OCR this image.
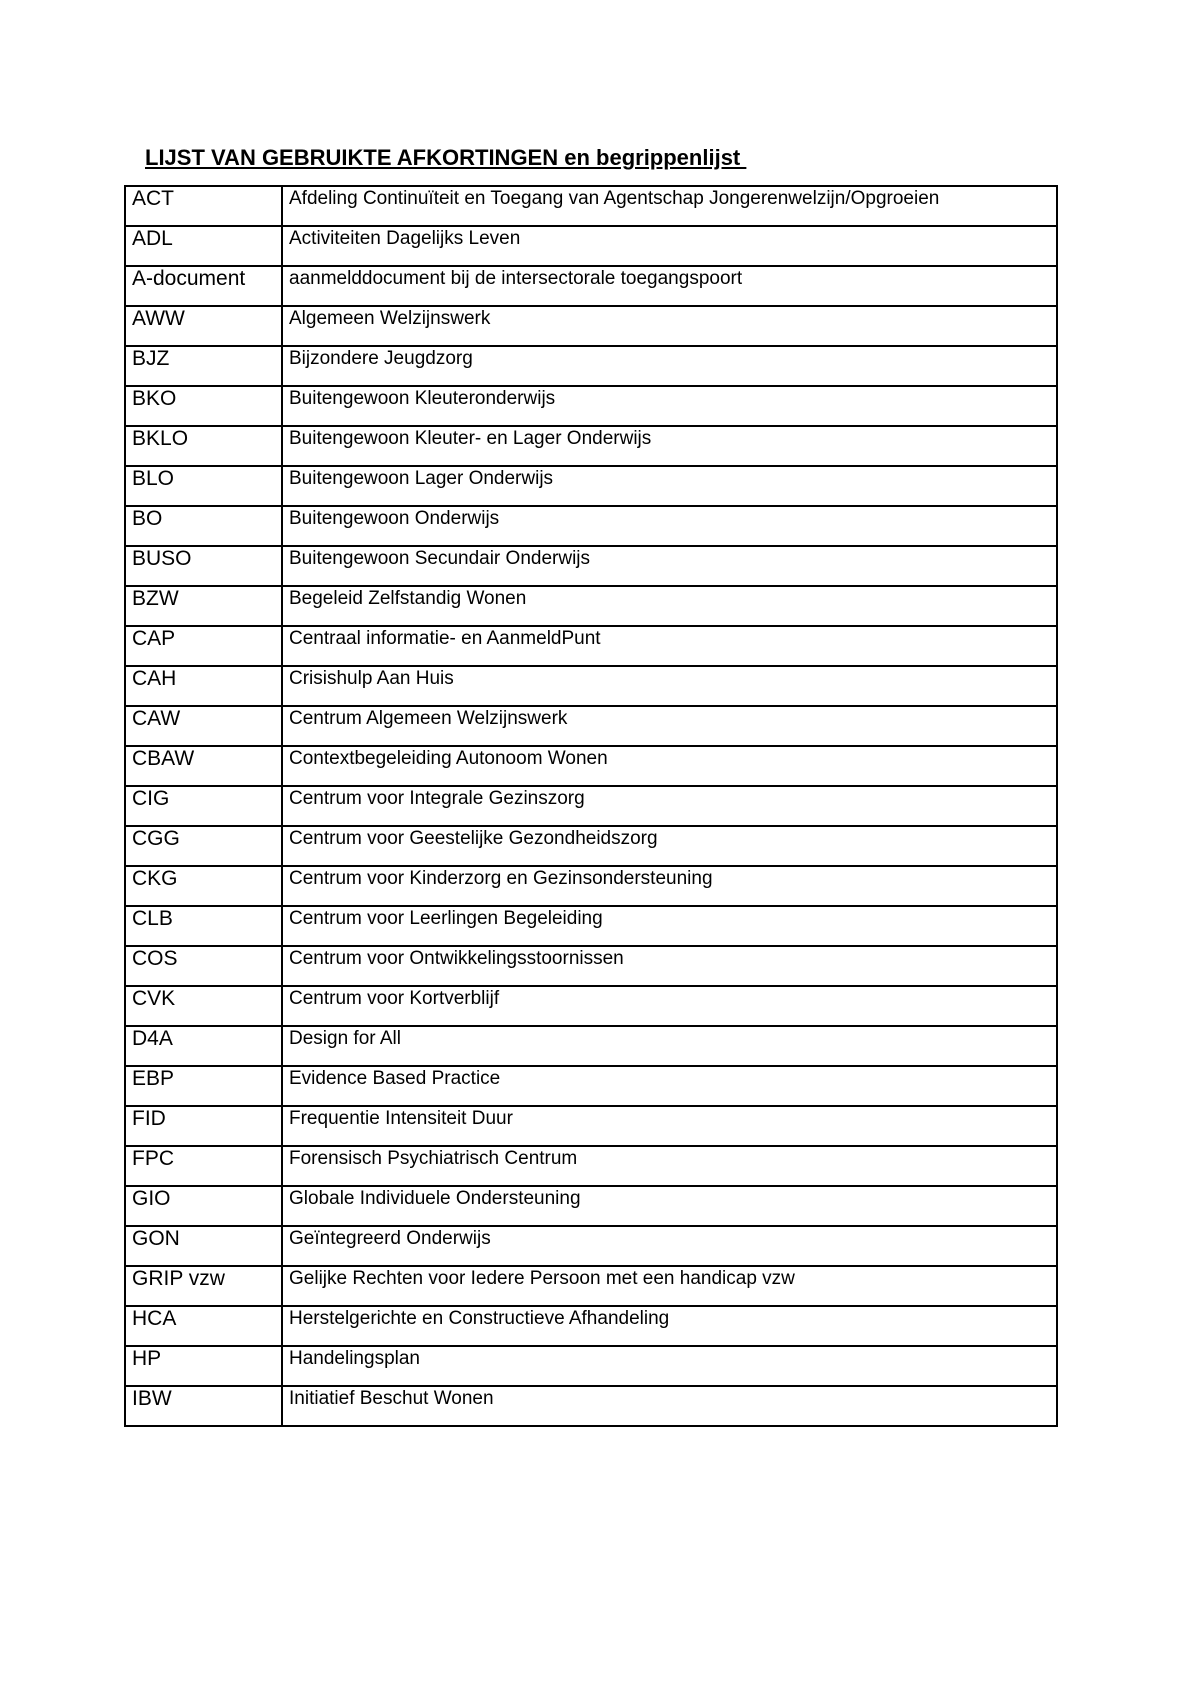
LIJST VAN GEBRUIKTE AFKORTINGEN en begrippenlijst
ACT	Afdeling Continuïteit en Toegang van Agentschap Jongerenwelzijn/Opgroeien
ADL	Activiteiten Dagelijks Leven
A-document	aanmelddocument bij de intersectorale toegangspoort
AWW	Algemeen Welzijnswerk
BJZ	Bijzondere Jeugdzorg
BKO	Buitengewoon Kleuteronderwijs
BKLO	Buitengewoon Kleuter- en Lager Onderwijs
BLO	Buitengewoon Lager Onderwijs
BO	Buitengewoon Onderwijs
BUSO	Buitengewoon Secundair Onderwijs
BZW	Begeleid Zelfstandig Wonen
CAP	Centraal informatie- en AanmeldPunt
CAH	Crisishulp Aan Huis
CAW	Centrum Algemeen Welzijnswerk
CBAW	Contextbegeleiding Autonoom Wonen
CIG	Centrum voor Integrale Gezinszorg
CGG	Centrum voor Geestelijke Gezondheidszorg
CKG	Centrum voor Kinderzorg en Gezinsondersteuning
CLB	Centrum voor Leerlingen Begeleiding
COS	Centrum voor Ontwikkelingsstoornissen
CVK	Centrum voor Kortverblijf
D4A	Design for All
EBP	Evidence Based Practice
FID	Frequentie Intensiteit Duur
FPC	Forensisch Psychiatrisch Centrum
GIO	Globale Individuele Ondersteuning
GON	Geïntegreerd Onderwijs
GRIP vzw	Gelijke Rechten voor Iedere Persoon met een handicap vzw
HCA	Herstelgerichte en Constructieve Afhandeling
HP	Handelingsplan
IBW	Initiatief Beschut Wonen
